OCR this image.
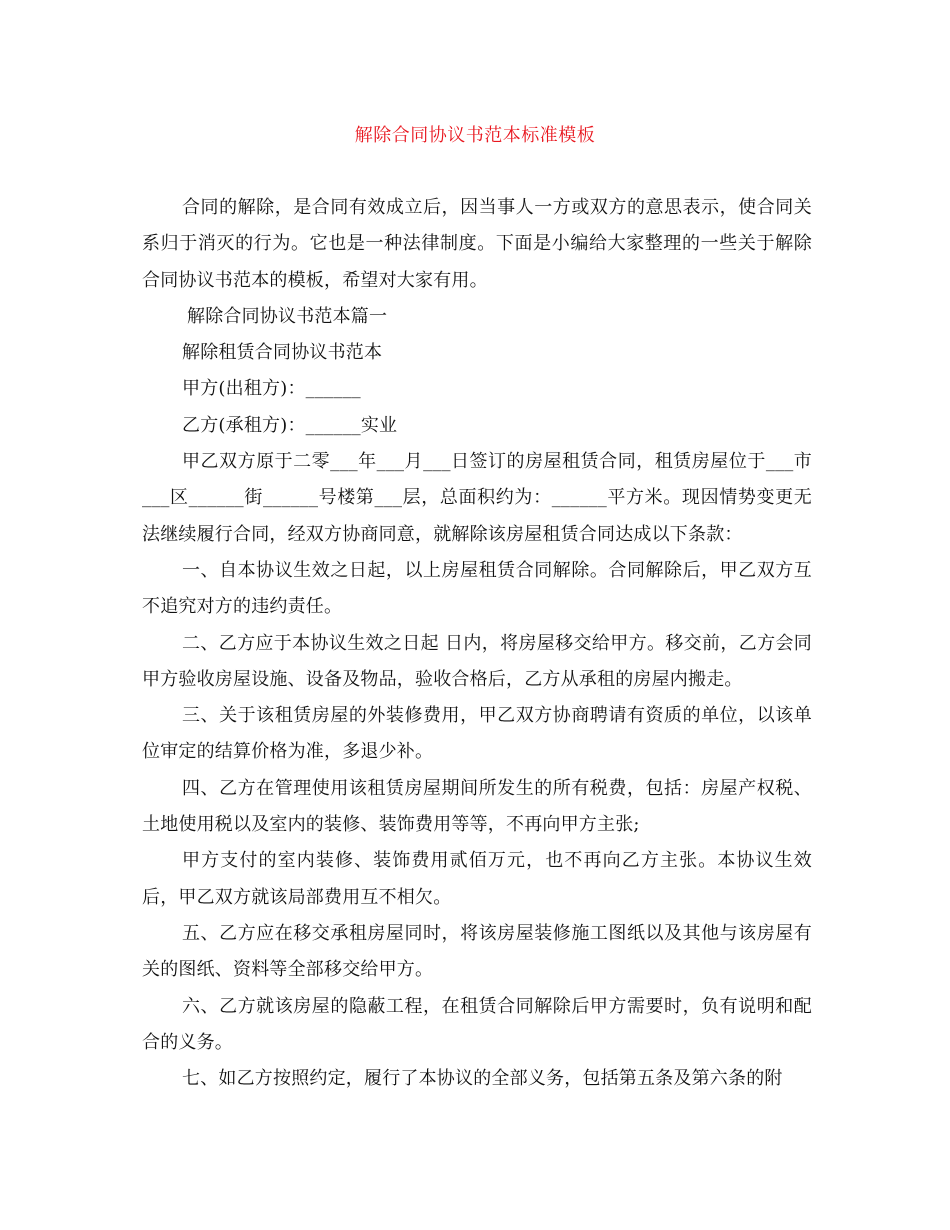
解除合同协议书范本标准模板

合同的解除，是合同有效成立后，因当事人一方或双方的意思表示，使合同关系归于消灭的行为。它也是一种法律制度。下面是小编给大家整理的一些关于解除合同协议书范本的模板，希望对大家有用。

解除合同协议书范本篇一

解除租赁合同协议书范本

甲方(出租方)：______

乙方(承租方)：______实业

甲乙双方原于二零___年___月___日签订的房屋租赁合同，租赁房屋位于___市___区______街______号楼第___层，总面积约为：______平方米。现因情势变更无法继续履行合同，经双方协商同意，就解除该房屋租赁合同达成以下条款：

一、自本协议生效之日起，以上房屋租赁合同解除。合同解除后，甲乙双方互不追究对方的违约责任。

二、乙方应于本协议生效之日起 日内，将房屋移交给甲方。移交前，乙方会同甲方验收房屋设施、设备及物品，验收合格后，乙方从承租的房屋内搬走。

三、关于该租赁房屋的外装修费用，甲乙双方协商聘请有资质的单位，以该单位审定的结算价格为准，多退少补。

四、乙方在管理使用该租赁房屋期间所发生的所有税费，包括：房屋产权税、土地使用税以及室内的装修、装饰费用等等，不再向甲方主张;

甲方支付的室内装修、装饰费用贰佰万元，也不再向乙方主张。本协议生效后，甲乙双方就该局部费用互不相欠。

五、乙方应在移交承租房屋同时，将该房屋装修施工图纸以及其他与该房屋有关的图纸、资料等全部移交给甲方。

六、乙方就该房屋的隐蔽工程，在租赁合同解除后甲方需要时，负有说明和配合的义务。

七、如乙方按照约定，履行了本协议的全部义务，包括第五条及第六条的附
